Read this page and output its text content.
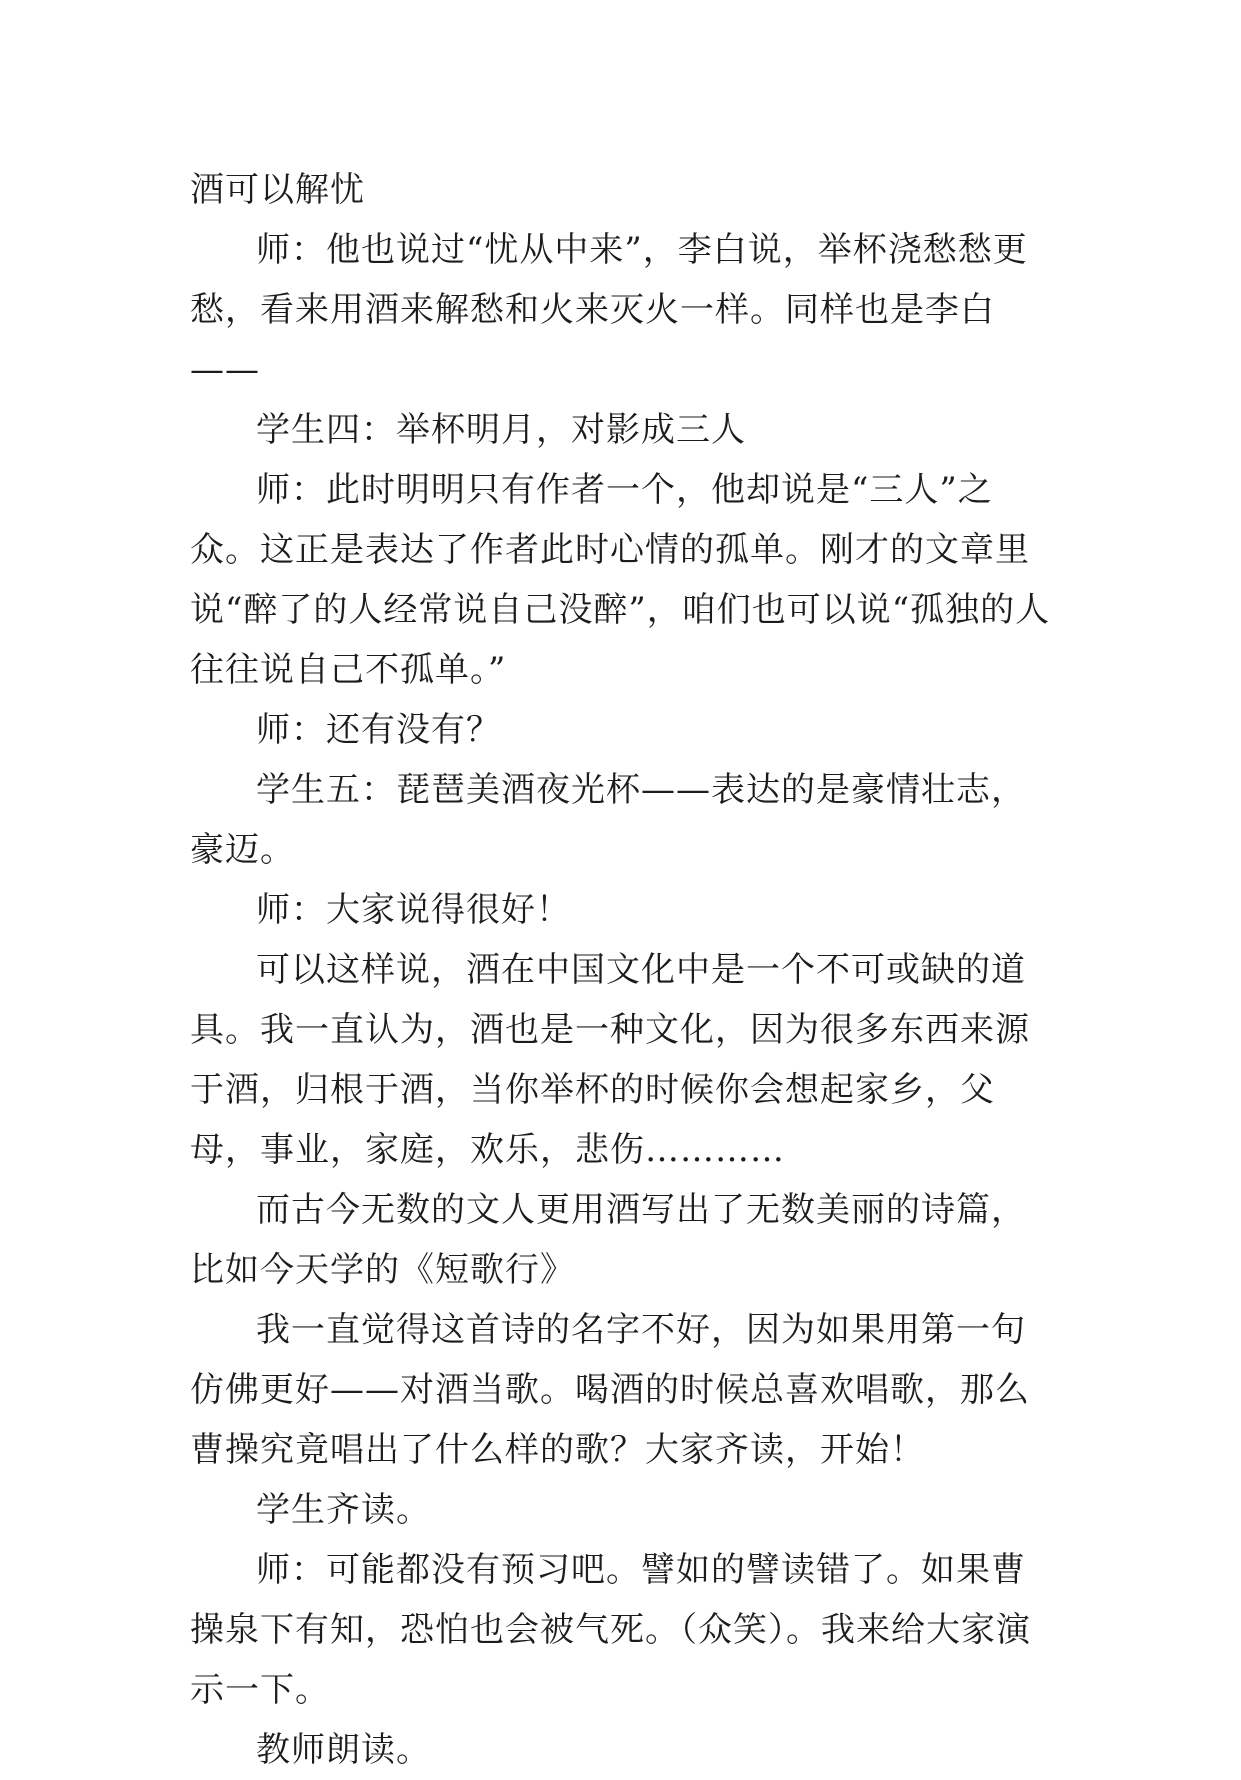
酒可以解忧

师：他也说过“忧从中来”，李白说，举杯浇愁愁更愁，看来用酒来解愁和火来灭火一样。同样也是李白——

学生四：举杯明月，对影成三人

师：此时明明只有作者一个，他却说是“三人”之众。这正是表达了作者此时心情的孤单。刚才的文章里说“醉了的人经常说自己没醉”，咱们也可以说“孤独的人往往说自己不孤单。”

师：还有没有？

学生五：琵琶美酒夜光杯——表达的是豪情壮志，豪迈。

师：大家说得很好！

可以这样说，酒在中国文化中是一个不可或缺的道具。我一直认为，酒也是一种文化，因为很多东西来源于酒，归根于酒，当你举杯的时候你会想起家乡，父母，事业，家庭，欢乐，悲伤…………

而古今无数的文人更用酒写出了无数美丽的诗篇，比如今天学的《短歌行》

我一直觉得这首诗的名字不好，因为如果用第一句仿佛更好——对酒当歌。喝酒的时候总喜欢唱歌，那么曹操究竟唱出了什么样的歌？大家齐读，开始！

学生齐读。

师：可能都没有预习吧。譬如的譬读错了。如果曹操泉下有知，恐怕也会被气死。（众笑）。我来给大家演示一下。

教师朗读。
